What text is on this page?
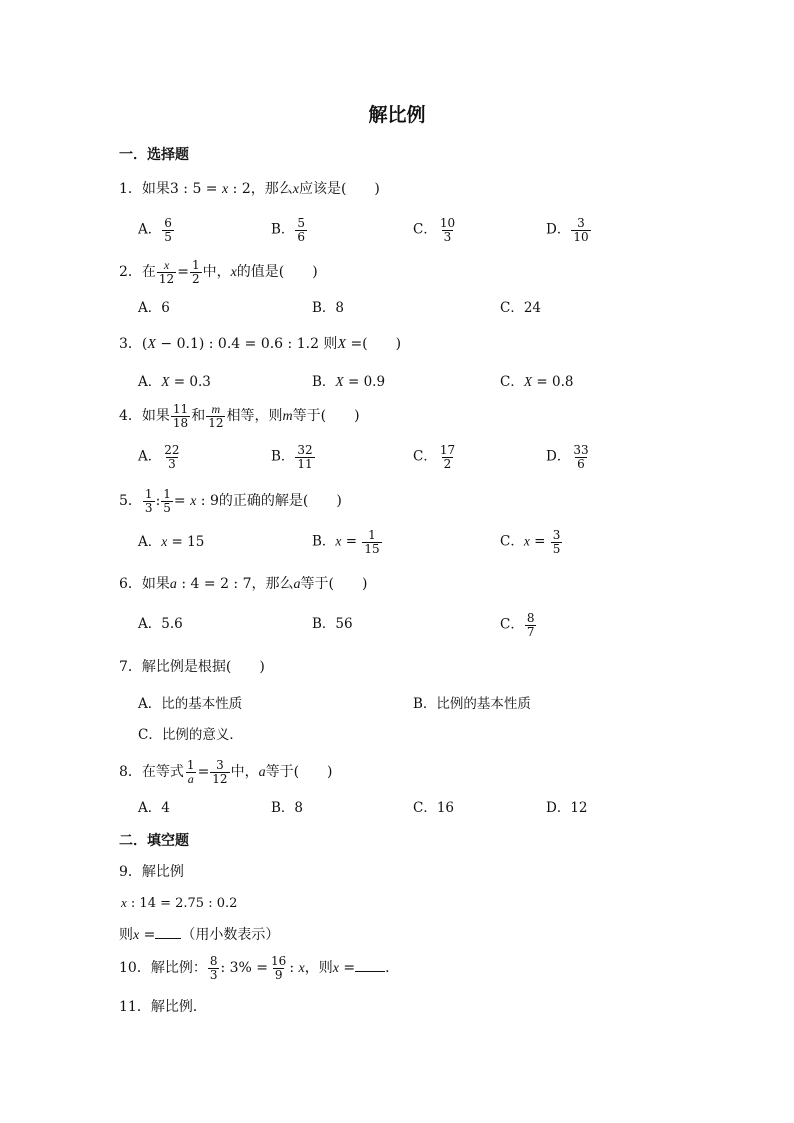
解比例
一．选择题
1．如果3 : 5 = x : 2，那么x应该是(　　)
A． $\frac{6}{5}$	B． $\frac{5}{6}$	C． $\frac{10}{3}$	D． $\frac{3}{10}$
2．在 $\frac{x}{12} = \frac{1}{2}$ 中，x的值是(　　)
A．6	B．8	C．24
3．(X − 0.1) : 0.4 = 0.6 : 1.2 则X =(　　)
A．X = 0.3	B．X = 0.9	C．X = 0.8
4．如果 $\frac{11}{18}$ 和 $\frac{m}{12}$ 相等，则m等于(　　)
A． $\frac{22}{3}$	B． $\frac{32}{11}$	C． $\frac{17}{2}$	D． $\frac{33}{6}$
5． $\frac{1}{3}$ : $\frac{1}{5} = x$ : 9的正确的解是(　　)
A．x = 15	B．$x = \frac{1}{15}$	C．$x = \frac{3}{5}$
6．如果a : 4 = 2 : 7，那么a等于(　　)
A．5.6	B．56	C． $\frac{8}{7}$
7．解比例是根据(　　)
A．比的基本性质	B．比例的基本性质
C．比例的意义．
8．在等式 $\frac{1}{a} = \frac{3}{12}$ 中，a等于(　　)
A．4	B．8	C．16	D．12
二．填空题
9．解比例
x : 14 = 2.75 : 0.2
则x = （用小数表示）
10．解比例： $\frac{8}{3}$ : $3\% = \frac{16}{9}$ : x，则x = ．
11．解比例．
